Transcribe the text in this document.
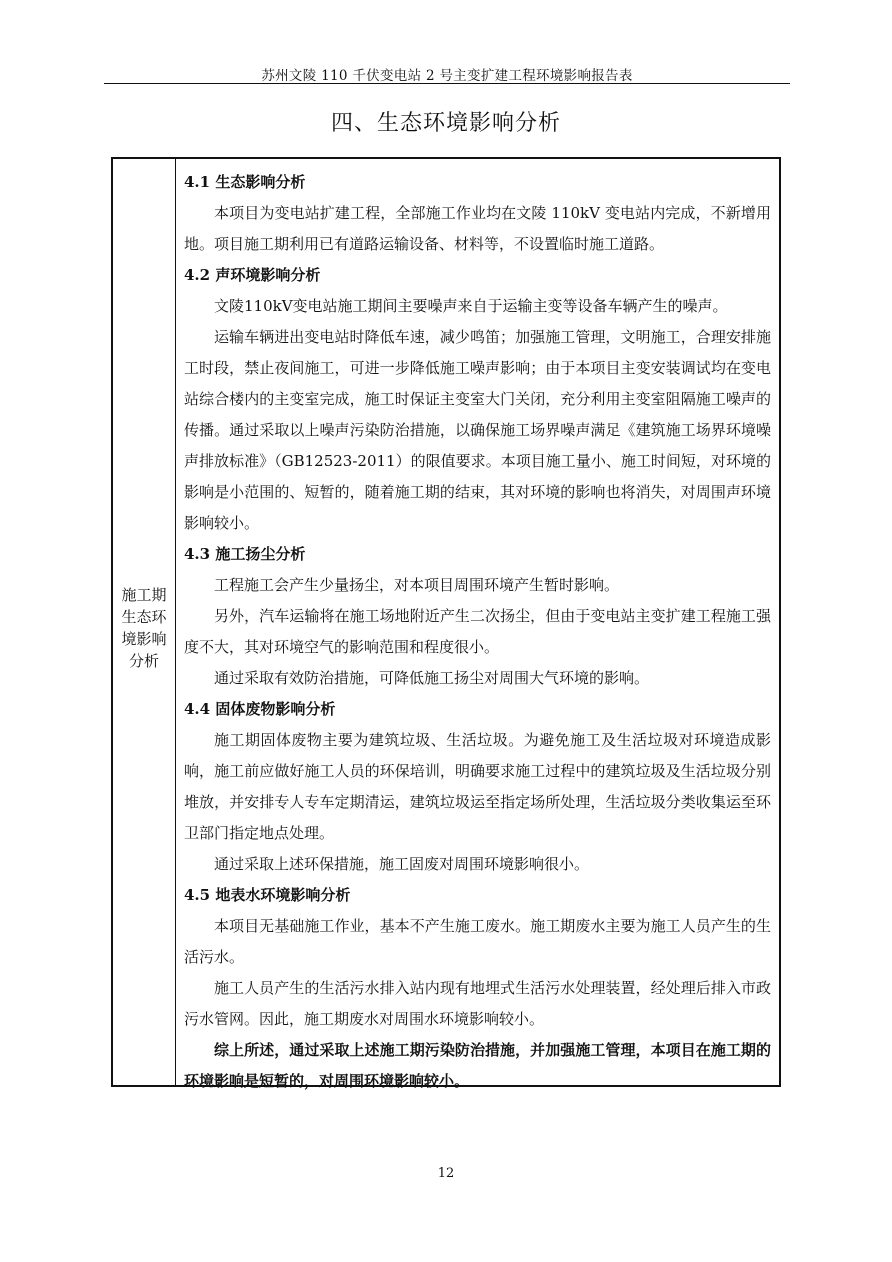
苏州文陵 110 千伏变电站 2 号主变扩建工程环境影响报告表
四、生态环境影响分析
施工期
生态环
境影响
分析
4.1 生态影响分析

本项目为变电站扩建工程，全部施工作业均在文陵 110kV 变电站内完成，不新增用地。项目施工期利用已有道路运输设备、材料等，不设置临时施工道路。

4.2 声环境影响分析

文陵110kV变电站施工期间主要噪声来自于运输主变等设备车辆产生的噪声。

运输车辆进出变电站时降低车速，减少鸣笛；加强施工管理，文明施工，合理安排施工时段，禁止夜间施工，可进一步降低施工噪声影响；由于本项目主变安装调试均在变电站综合楼内的主变室完成，施工时保证主变室大门关闭，充分利用主变室阻隔施工噪声的传播。通过采取以上噪声污染防治措施，以确保施工场界噪声满足《建筑施工场界环境噪声排放标准》（GB12523-2011）的限值要求。本项目施工量小、施工时间短，对环境的影响是小范围的、短暂的，随着施工期的结束，其对环境的影响也将消失，对周围声环境影响较小。

4.3 施工扬尘分析

工程施工会产生少量扬尘，对本项目周围环境产生暂时影响。

另外，汽车运输将在施工场地附近产生二次扬尘，但由于变电站主变扩建工程施工强度不大，其对环境空气的影响范围和程度很小。

通过采取有效防治措施，可降低施工扬尘对周围大气环境的影响。

4.4 固体废物影响分析

施工期固体废物主要为建筑垃圾、生活垃圾。为避免施工及生活垃圾对环境造成影响，施工前应做好施工人员的环保培训，明确要求施工过程中的建筑垃圾及生活垃圾分别堆放，并安排专人专车定期清运，建筑垃圾运至指定场所处理，生活垃圾分类收集运至环卫部门指定地点处理。

通过采取上述环保措施，施工固废对周围环境影响很小。

4.5 地表水环境影响分析

本项目无基础施工作业，基本不产生施工废水。施工期废水主要为施工人员产生的生活污水。

施工人员产生的生活污水排入站内现有地埋式生活污水处理装置，经处理后排入市政污水管网。因此，施工期废水对周围水环境影响较小。

综上所述，通过采取上述施工期污染防治措施，并加强施工管理，本项目在施工期的环境影响是短暂的，对周围环境影响较小。

12
